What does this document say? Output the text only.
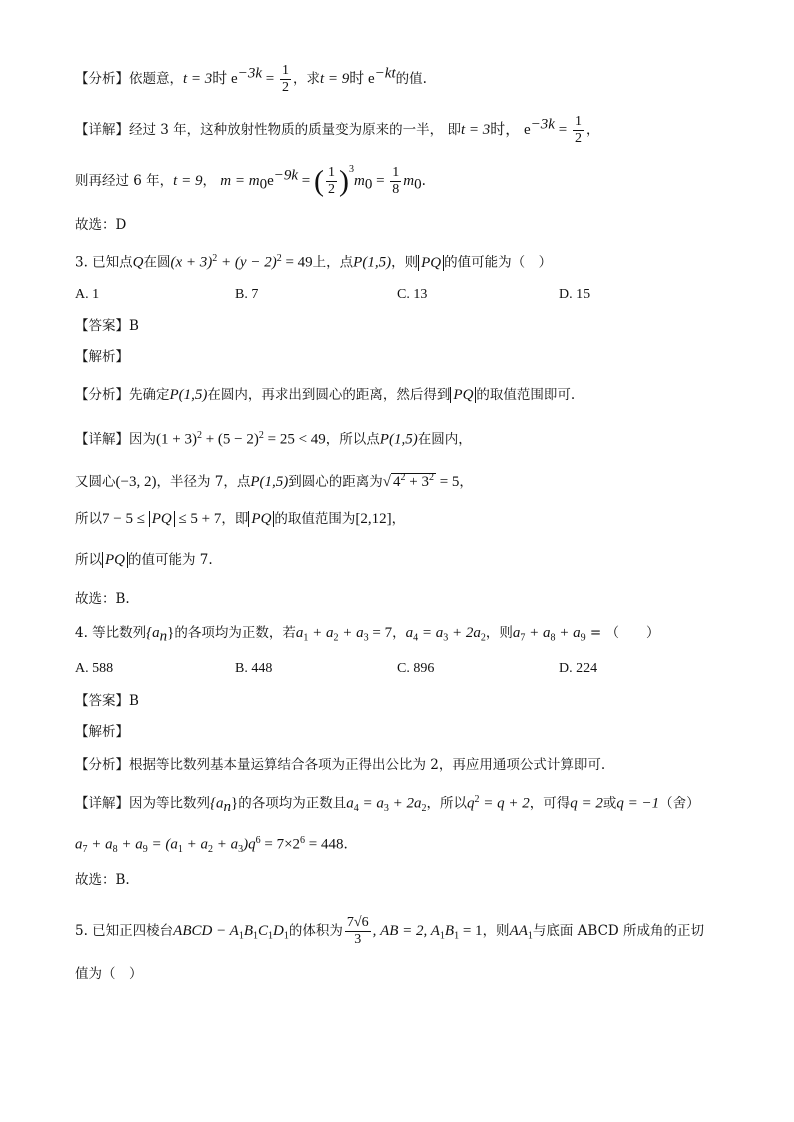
【分析】依题意，t = 3时 $e^{-3k} = \frac{1}{2}$ ，求t = 9时 $e^{-kt}$的值.
【详解】经过 3 年，这种放射性物质的质量变为原来的一半， 即t = 3时， $e^{-3k} = \frac{1}{2}$ ，
则再经过 6 年，t = 9， $m = m_0e^{-9k}$ = ( $\frac{1}{2} )^3m_0 = \frac{1}{8} m_0$.
故选：D
3. 已知点Q在圆$(x + 3)^2 + (y - 2)^2 = 49$上，点P(1,5)，则 PQ 的值可能为（　）
A. 1	B. 7	C. 13	D. 15
【答案】B
【解析】
【分析】先确定P(1,5)在圆内，再求出到圆心的距离，然后得到 PQ 的取值范围即可.
【详解】因为$(1 + 3)^2 + (5 - 2)^2 = 25 < 49$，所以点P(1,5)在圆内，
又圆心(−3, 2)，半径为 7，点P(1,5)到圆心的距离为√ $4^2 + 3^2 = 5$，
所以7 − 5 ≤ PQ ≤ 5 + 7，即 PQ 的取值范围为[2,12]，
所以 PQ 的值可能为 7.
故选：B.
4. 等比数列$\{a_n\}$的各项均为正数，若$a_1 + a_2 + a_3 = 7$，$a_4 = a_3 + 2a_2$，则$a_7 + a_8 + a_9$ = （　　）
A. 588	B. 448	C. 896	D. 224
【答案】B
【解析】
【分析】根据等比数列基本量运算结合各项为正得出公比为 2，再应用通项公式计算即可.
【详解】因为等比数列$\{a_n\}$的各项均为正数且$a_4 = a_3 + 2a_2$，所以$q^2 = q + 2$，可得q = 2或q = −1（舍）
$a_7 + a_8 + a_9 = (a_1 + a_2 + a_3)q^6 = 7\times 2^6 = 448$.
故选：B.
5. 已知正四棱台ABCD − $A_1B_1C_1D_1$的体积为 $\frac{7√6}{3}$ , AB = 2, $A_1B_1 = 1$，则$AA_1$与底面 ABCD 所成角的正切
值为（　）
